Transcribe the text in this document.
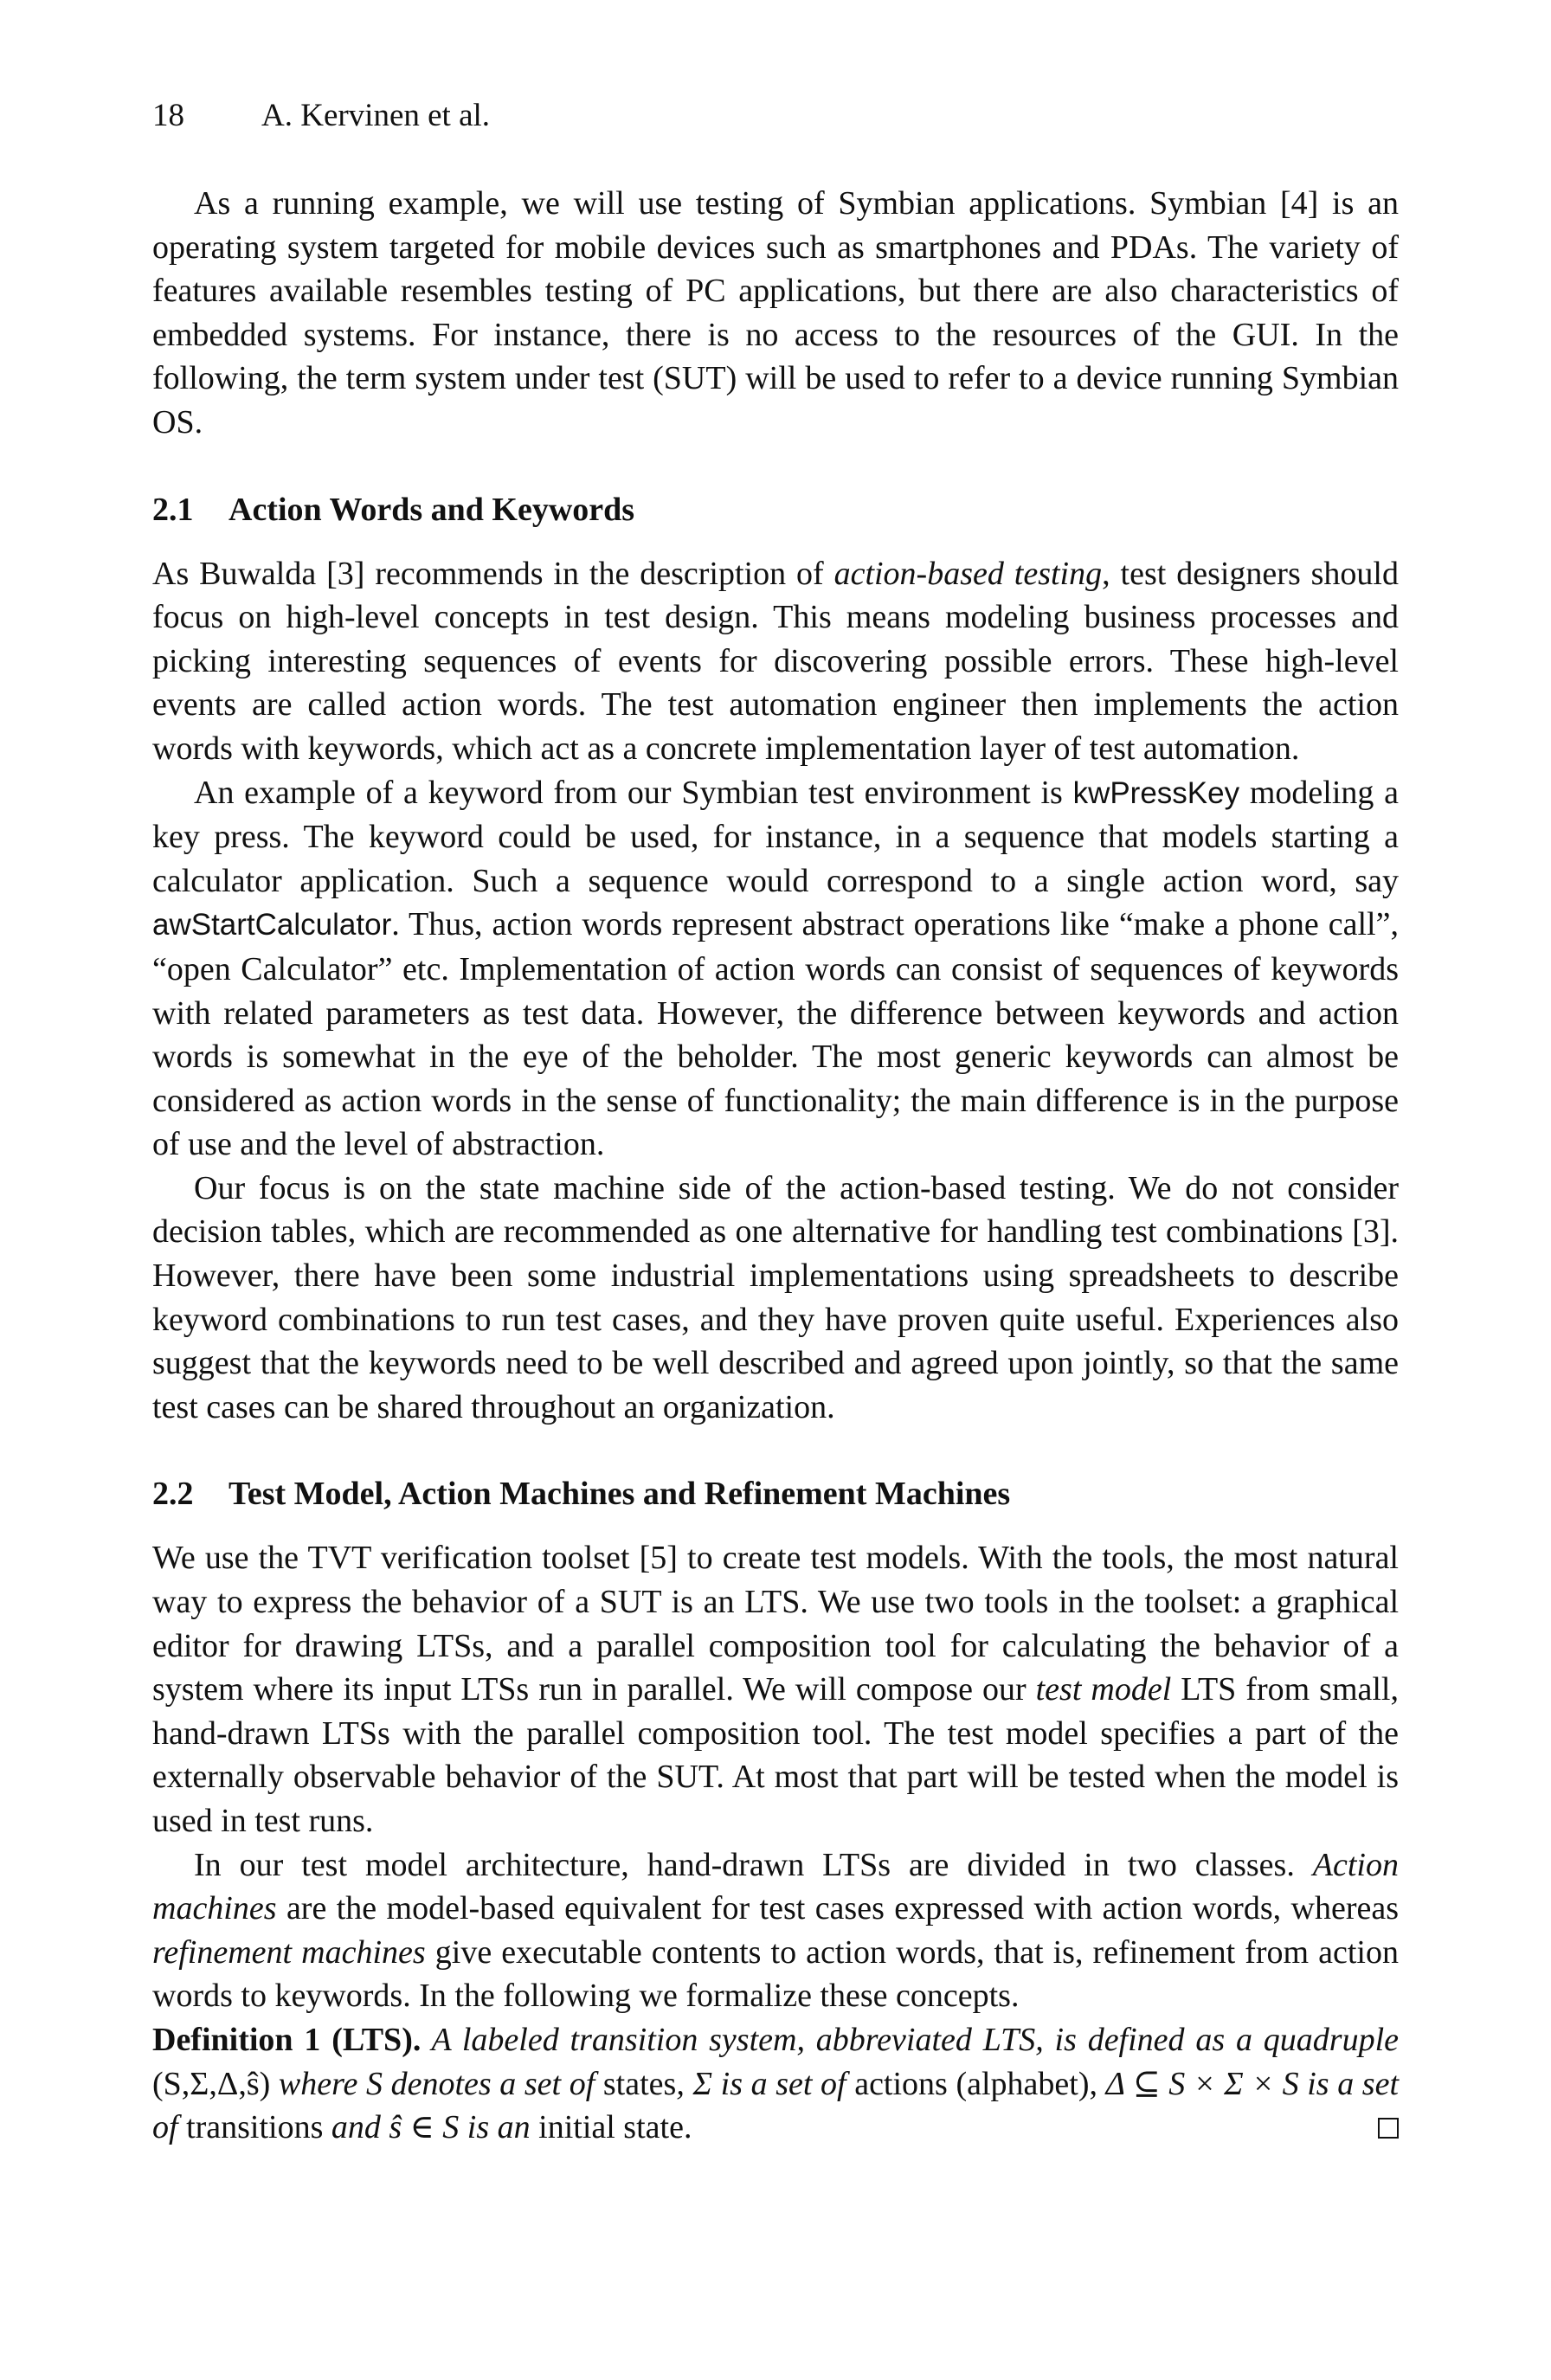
18 A. Kervinen et al.

As a running example, we will use testing of Symbian applications. Symbian [4] is an operating system targeted for mobile devices such as smartphones and PDAs. The variety of features available resembles testing of PC applications, but there are also characteristics of embedded systems. For instance, there is no access to the resources of the GUI. In the following, the term system under test (SUT) will be used to refer to a device running Symbian OS.

2.1 Action Words and Keywords

As Buwalda [3] recommends in the description of action-based testing, test designers should focus on high-level concepts in test design. This means modeling business processes and picking interesting sequences of events for discovering possible errors. These high-level events are called action words. The test automation engineer then implements the action words with keywords, which act as a concrete implementation layer of test automation.

An example of a keyword from our Symbian test environment is kwPressKey modeling a key press. The keyword could be used, for instance, in a sequence that models starting a calculator application. Such a sequence would correspond to a single action word, say awStartCalculator. Thus, action words represent abstract operations like “make a phone call”, “open Calculator” etc. Implementation of action words can consist of sequences of keywords with related parameters as test data. However, the difference between keywords and action words is somewhat in the eye of the beholder. The most generic keywords can almost be considered as action words in the sense of functionality; the main difference is in the purpose of use and the level of abstraction.

Our focus is on the state machine side of the action-based testing. We do not consider decision tables, which are recommended as one alternative for handling test combinations [3]. However, there have been some industrial implementations using spreadsheets to describe keyword combinations to run test cases, and they have proven quite useful. Experiences also suggest that the keywords need to be well described and agreed upon jointly, so that the same test cases can be shared throughout an organization.

2.2 Test Model, Action Machines and Refinement Machines

We use the TVT verification toolset [5] to create test models. With the tools, the most natural way to express the behavior of a SUT is an LTS. We use two tools in the toolset: a graphical editor for drawing LTSs, and a parallel composition tool for calculating the behavior of a system where its input LTSs run in parallel. We will compose our test model LTS from small, hand-drawn LTSs with the parallel composition tool. The test model specifies a part of the externally observable behavior of the SUT. At most that part will be tested when the model is used in test runs.

In our test model architecture, hand-drawn LTSs are divided in two classes. Action machines are the model-based equivalent for test cases expressed with action words, whereas refinement machines give executable contents to action words, that is, refinement from action words to keywords. In the following we formalize these concepts.

Definition 1 (LTS). A labeled transition system, abbreviated LTS, is defined as a quadruple (S,Σ,Δ,ŝ) where S denotes a set of states, Σ is a set of actions (alphabet), Δ ⊆ S × Σ × S is a set of transitions and ŝ ∈ S is an initial state.
